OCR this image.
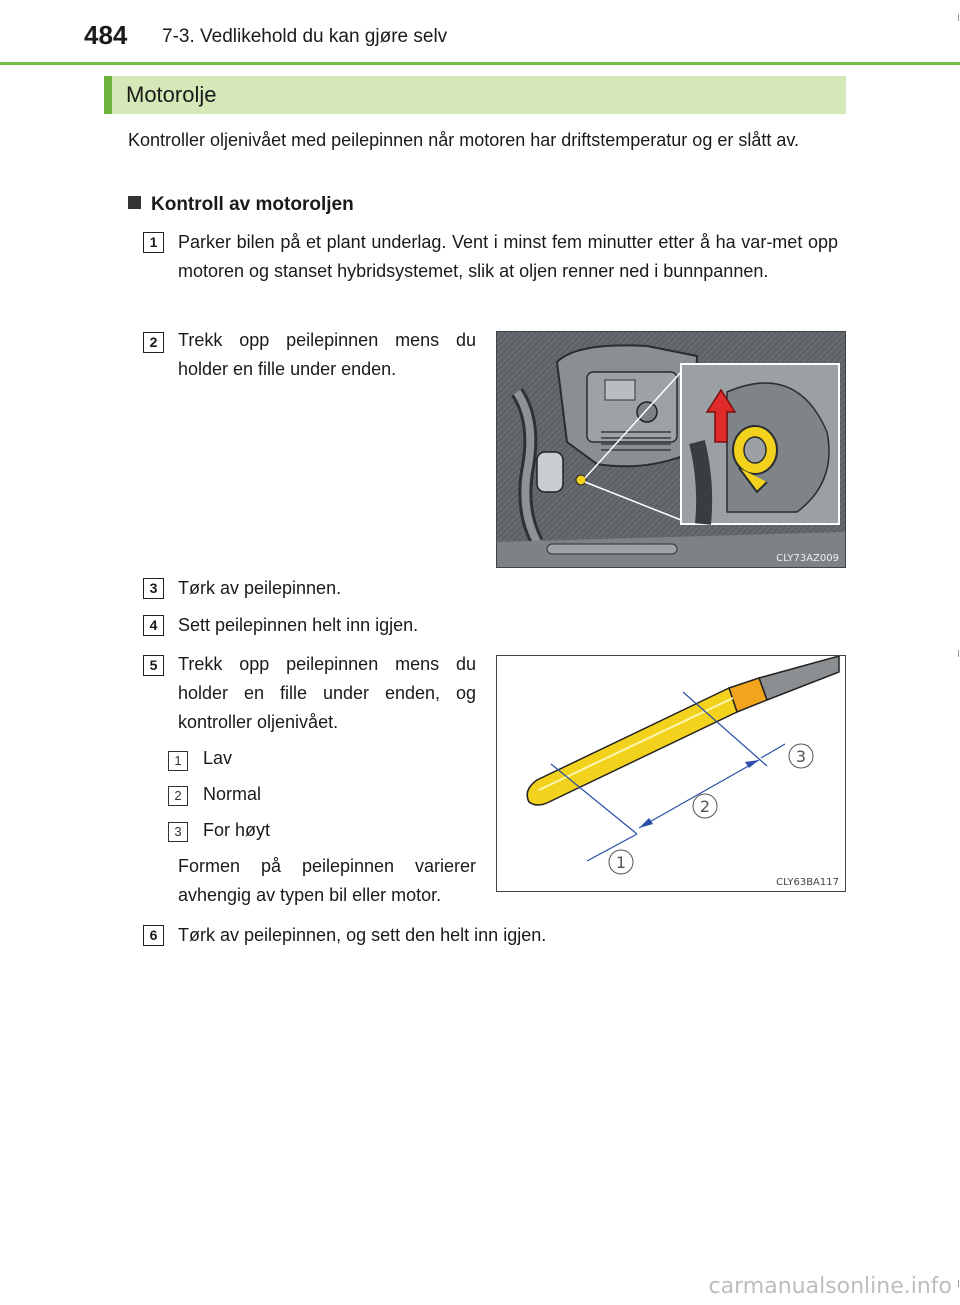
484 7-3. Vedlikehold du kan gjøre selv
Motorolje
Kontroller oljenivået med peilepinnen når motoren har driftstemperatur og er slått av.
Kontroll av motoroljen
1	Parker bilen på et plant underlag. Vent i minst fem minutter etter å ha var-met opp motoren og stanset hybridsystemet, slik at oljen renner ned i bunnpannen.
2	Trekk opp peilepinnen mens du holder en fille under enden.
CLY73AZ009
3	Tørk av peilepinnen.
4	Sett peilepinnen helt inn igjen.
5	Trekk opp peilepinnen mens du holder en fille under enden, og kontroller oljenivået.
1	Lav
2	Normal
3	For høyt
Formen på peilepinnen varierer avhengig av typen bil eller motor.
1
2
3
CLY63BA117
6	Tørk av peilepinnen, og sett den helt inn igjen.
carmanualsonline.info
